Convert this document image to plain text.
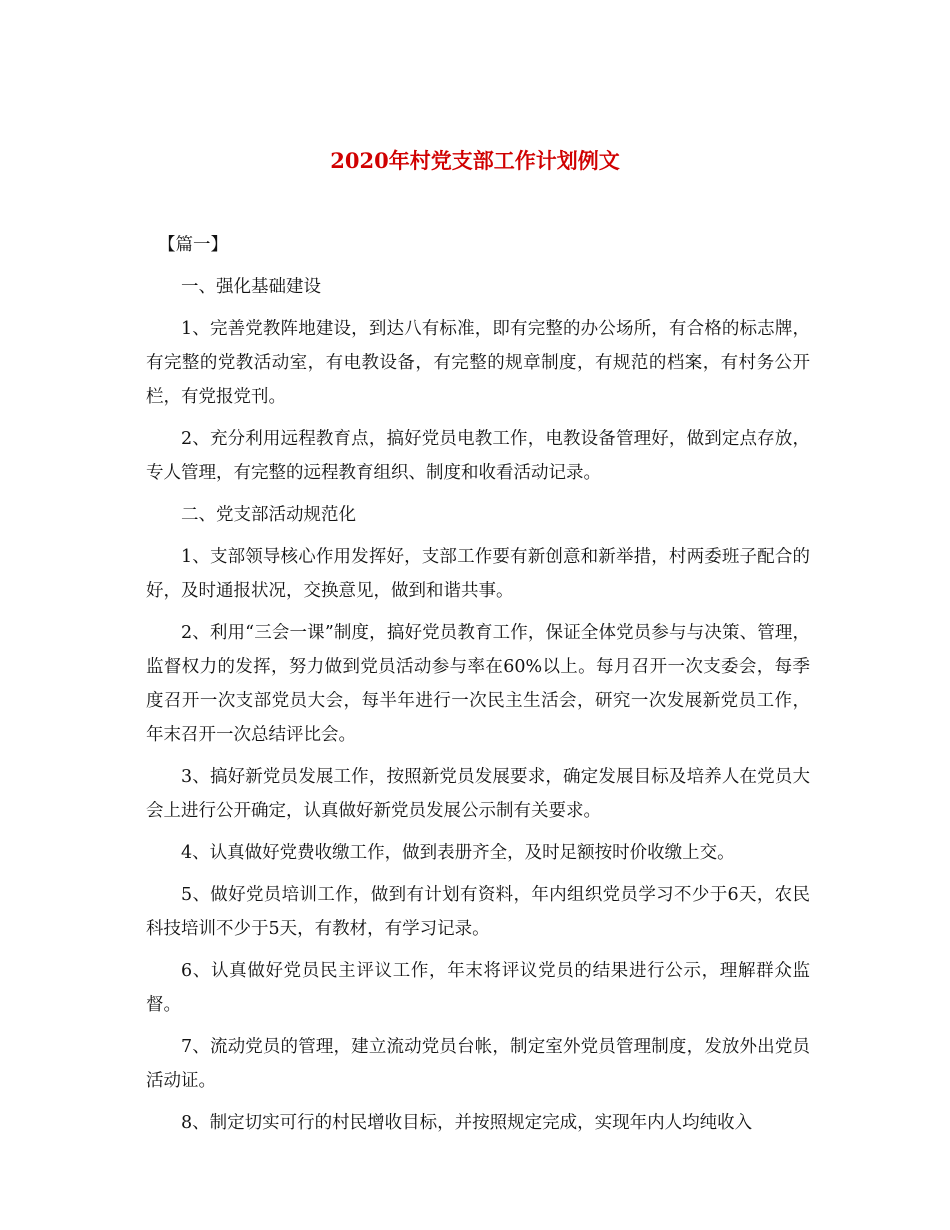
2020年村党支部工作计划例文

【篇一】

一、强化基础建设

1、完善党教阵地建设，到达八有标准，即有完整的办公场所，有合格的标志牌，有完整的党教活动室，有电教设备，有完整的规章制度，有规范的档案，有村务公开栏，有党报党刊。

2、充分利用远程教育点，搞好党员电教工作，电教设备管理好，做到定点存放，专人管理，有完整的远程教育组织、制度和收看活动记录。

二、党支部活动规范化

1、支部领导核心作用发挥好，支部工作要有新创意和新举措，村两委班子配合的好，及时通报状况，交换意见，做到和谐共事。

2、利用“三会一课”制度，搞好党员教育工作，保证全体党员参与与决策、管理，监督权力的发挥，努力做到党员活动参与率在60%以上。每月召开一次支委会，每季度召开一次支部党员大会，每半年进行一次民主生活会，研究一次发展新党员工作，年末召开一次总结评比会。

3、搞好新党员发展工作，按照新党员发展要求，确定发展目标及培养人在党员大会上进行公开确定，认真做好新党员发展公示制有关要求。

4、认真做好党费收缴工作，做到表册齐全，及时足额按时价收缴上交。

5、做好党员培训工作，做到有计划有资料，年内组织党员学习不少于6天，农民科技培训不少于5天，有教材，有学习记录。

6、认真做好党员民主评议工作，年末将评议党员的结果进行公示，理解群众监督。

7、流动党员的管理，建立流动党员台帐，制定室外党员管理制度，发放外出党员活动证。

8、制定切实可行的村民增收目标，并按照规定完成，实现年内人均纯收入
